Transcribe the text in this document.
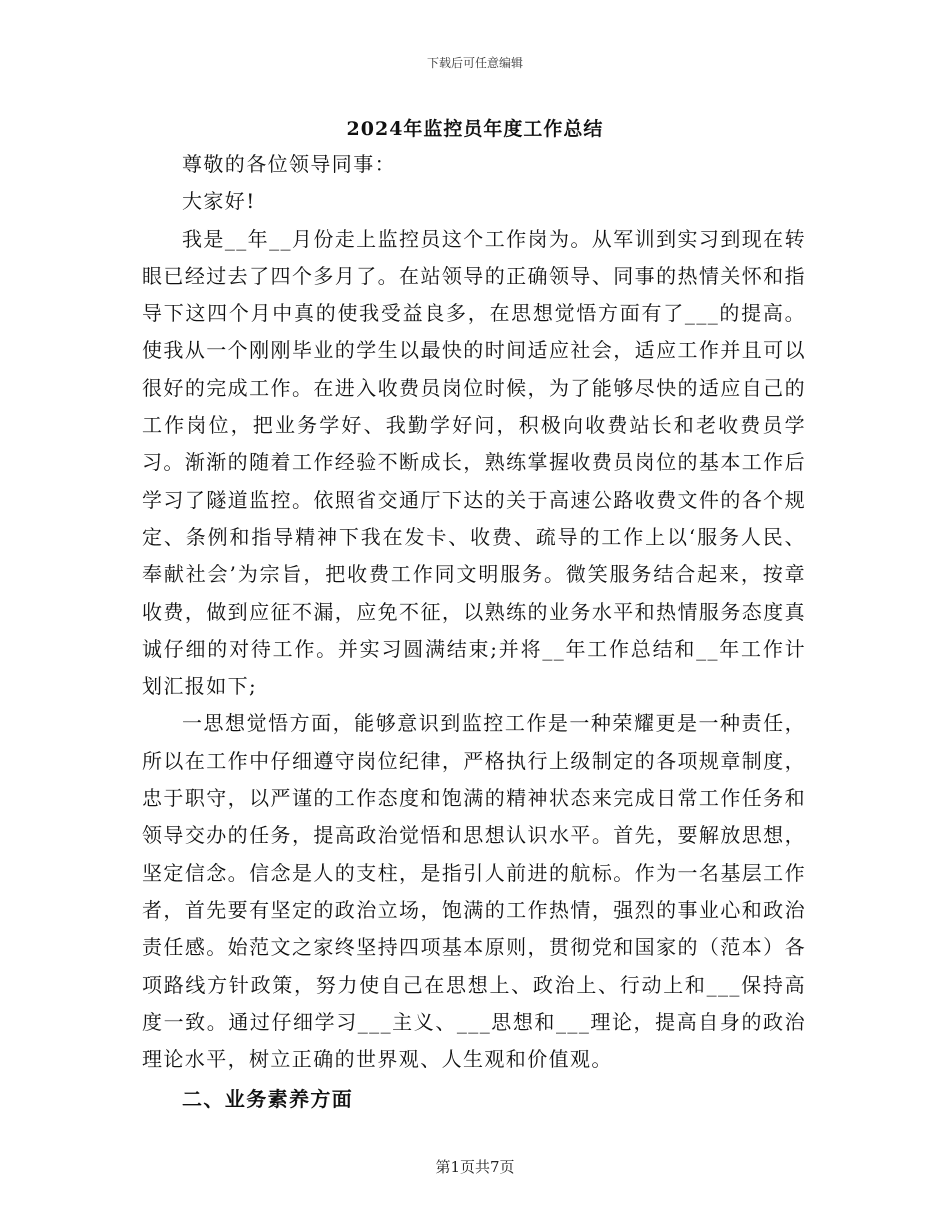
下载后可任意编辑
2024年监控员年度工作总结

尊敬的各位领导同事：

大家好!

我是__年__月份走上监控员这个工作岗为。从军训到实习到现在转眼已经过去了四个多月了。在站领导的正确领导、同事的热情关怀和指导下这四个月中真的使我受益良多，在思想觉悟方面有了___的提高。使我从一个刚刚毕业的学生以最快的时间适应社会，适应工作并且可以很好的完成工作。在进入收费员岗位时候，为了能够尽快的适应自己的工作岗位，把业务学好、我勤学好问，积极向收费站长和老收费员学习。渐渐的随着工作经验不断成长，熟练掌握收费员岗位的基本工作后学习了隧道监控。依照省交通厅下达的关于高速公路收费文件的各个规定、条例和指导精神下我在发卡、收费、疏导的工作上以‘服务人民、奉献社会’为宗旨，把收费工作同文明服务。微笑服务结合起来，按章收费，做到应征不漏，应免不征，以熟练的业务水平和热情服务态度真诚仔细的对待工作。并实习圆满结束;并将__年工作总结和__年工作计划汇报如下;

一思想觉悟方面，能够意识到监控工作是一种荣耀更是一种责任，所以在工作中仔细遵守岗位纪律，严格执行上级制定的各项规章制度，忠于职守，以严谨的工作态度和饱满的精神状态来完成日常工作任务和领导交办的任务，提高政治觉悟和思想认识水平。首先，要解放思想，坚定信念。信念是人的支柱，是指引人前进的航标。作为一名基层工作者，首先要有坚定的政治立场，饱满的工作热情，强烈的事业心和政治责任感。始范文之家终坚持四项基本原则，贯彻党和国家的（范本）各项路线方针政策，努力使自己在思想上、政治上、行动上和___保持高度一致。通过仔细学习___主义、___思想和___理论，提高自身的政治理论水平，树立正确的世界观、人生观和价值观。

二、业务素养方面

第1页共7页
